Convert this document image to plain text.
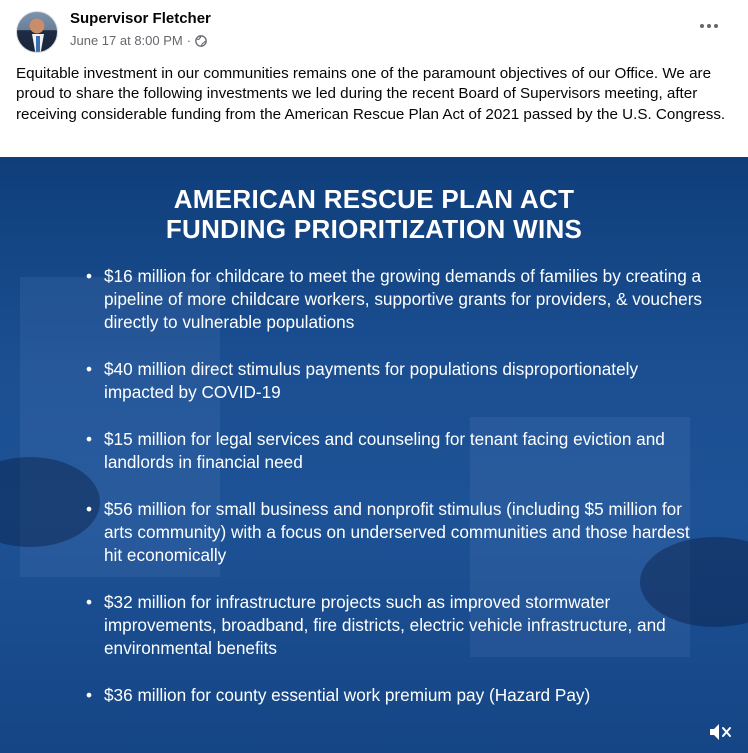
Supervisor Fletcher
June 17 at 8:00 PM ·
Equitable investment in our communities remains one of the paramount objectives of our Office. We are proud to share the following investments we led during the recent Board of Supervisors meeting, after receiving considerable funding from the American Rescue Plan Act of 2021 passed by the U.S. Congress.
AMERICAN RESCUE PLAN ACT
FUNDING PRIORITIZATION WINS
• $16 million for childcare to meet the growing demands of families by creating a pipeline of more childcare workers, supportive grants for providers, & vouchers directly to vulnerable populations
• $40 million direct stimulus payments for populations disproportionately impacted by COVID-19
• $15 million for legal services and counseling for tenant facing eviction and landlords in financial need
• $56 million for small business and nonprofit stimulus (including $5 million for arts community) with a focus on underserved communities and those hardest hit economically
• $32 million for infrastructure projects such as improved stormwater improvements, broadband, fire districts, electric vehicle infrastructure, and environmental benefits
• $36 million for county essential work premium pay (Hazard Pay)
